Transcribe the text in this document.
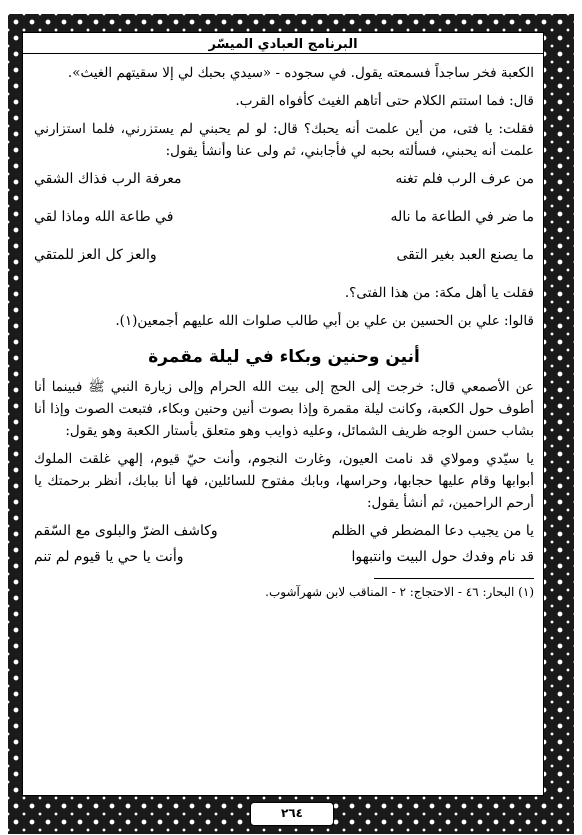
البرنامج العبادي الميسّر

الكعبة فخر ساجداً فسمعته يقول. في سجوده - «سيدي بحبك لي إلا سقيتهم الغيث».

قال: فما استتم الكلام حتى أتاهم الغيث كأفواه القرب.

فقلت: يا فتى، من أين علمت أنه يحبك؟ قال: لو لم يحبني لم يستزرني، فلما استزارني علمت أنه يحبني، فسألته بحبه لي فأجابني، ثم ولى عنا وأنشأ يقول:

من عرف الرب فلم تغنه
معرفة الرب فذاك الشقي
ما ضر في الطاعة ما ناله
في طاعة الله وماذا لقي
ما يصنع العبد بغير التقى
والعز كل العز للمتقي

فقلت يا أهل مكة: من هذا الفتى؟.

قالوا: علي بن الحسين بن علي بن أبي طالب صلوات الله عليهم أجمعين(١).

أنين وحنين وبكاء في ليلة مقمرة

عن الأصمعي قال: خرجت إلى الحج إلى بيت الله الحرام وإلى زيارة النبي ﷺ فبينما أنا أطوف حول الكعبة، وكانت ليلة مقمرة وإذا بصوت أنين وحنين وبكاء، فتبعت الصوت وإذا أنا بشاب حسن الوجه ظريف الشمائل، وعليه ذوايب وهو متعلق بأستار الكعبة وهو يقول:

يا سيّدي ومولاي قد نامت العيون، وغارت النجوم، وأنت حيّ قيوم، إلهي غلقت الملوك أبوابها وقام عليها حجابها، وحراسها، وبابك مفتوح للسائلين، فها أنا ببابك، أنظر برحمتك يا أرحم الراحمين، ثم أنشأ يقول:

يا من يجيب دعا المضطر في الظلم
وكاشف الضرّ والبلوى مع السّقم
قد نام وفدك حول البيت وانتبهوا
وأنت يا حي يا قيوم لم تنم
(١) البحار: ٤٦ - الاحتجاج: ٢ - المناقب لابن شهرآشوب.
٢٦٤
